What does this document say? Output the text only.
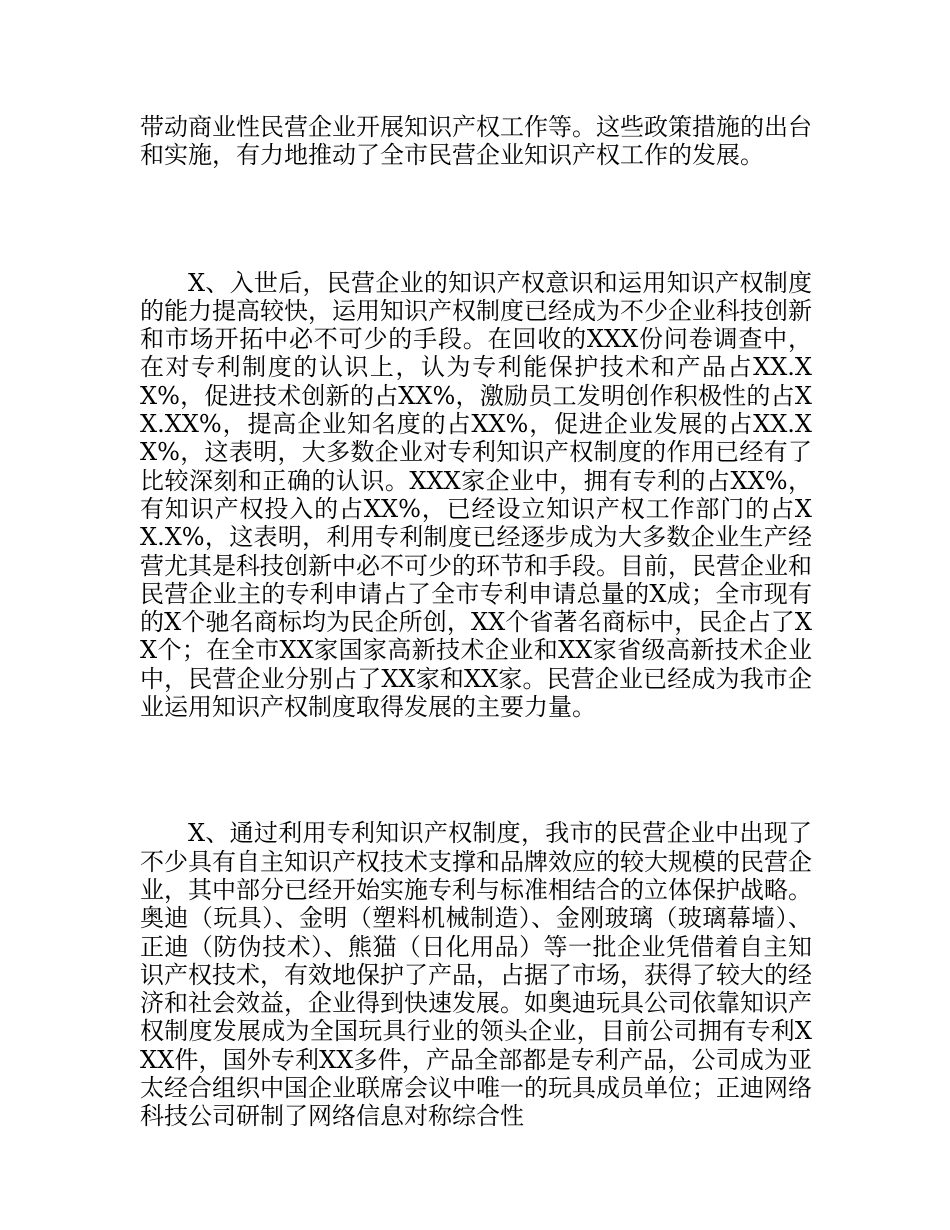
带动商业性民营企业开展知识产权工作等。这些政策措施的出台和实施，有力地推动了全市民营企业知识产权工作的发展。

X、入世后，民营企业的知识产权意识和运用知识产权制度的能力提高较快，运用知识产权制度已经成为不少企业科技创新和市场开拓中必不可少的手段。在回收的XXX份问卷调查中，在对专利制度的认识上，认为专利能保护技术和产品占XX.XX%，促进技术创新的占XX%，激励员工发明创作积极性的占XX.XX%，提高企业知名度的占XX%，促进企业发展的占XX.XX%，这表明，大多数企业对专利知识产权制度的作用已经有了比较深刻和正确的认识。XXX家企业中，拥有专利的占XX%，有知识产权投入的占XX%，已经设立知识产权工作部门的占XX.X%，这表明，利用专利制度已经逐步成为大多数企业生产经营尤其是科技创新中必不可少的环节和手段。目前，民营企业和民营企业主的专利申请占了全市专利申请总量的X成；全市现有的X个驰名商标均为民企所创，XX个省著名商标中，民企占了XX个；在全市XX家国家高新技术企业和XX家省级高新技术企业中，民营企业分别占了XX家和XX家。民营企业已经成为我市企业运用知识产权制度取得发展的主要力量。

X、通过利用专利知识产权制度，我市的民营企业中出现了不少具有自主知识产权技术支撑和品牌效应的较大规模的民营企业，其中部分已经开始实施专利与标准相结合的立体保护战略。奥迪（玩具）、金明（塑料机械制造）、金刚玻璃（玻璃幕墙）、正迪（防伪技术）、熊猫（日化用品）等一批企业凭借着自主知识产权技术，有效地保护了产品，占据了市场，获得了较大的经济和社会效益，企业得到快速发展。如奥迪玩具公司依靠知识产权制度发展成为全国玩具行业的领头企业，目前公司拥有专利XXX件，国外专利XX多件，产品全部都是专利产品，公司成为亚太经合组织中国企业联席会议中唯一的玩具成员单位；正迪网络科技公司研制了网络信息对称综合性
